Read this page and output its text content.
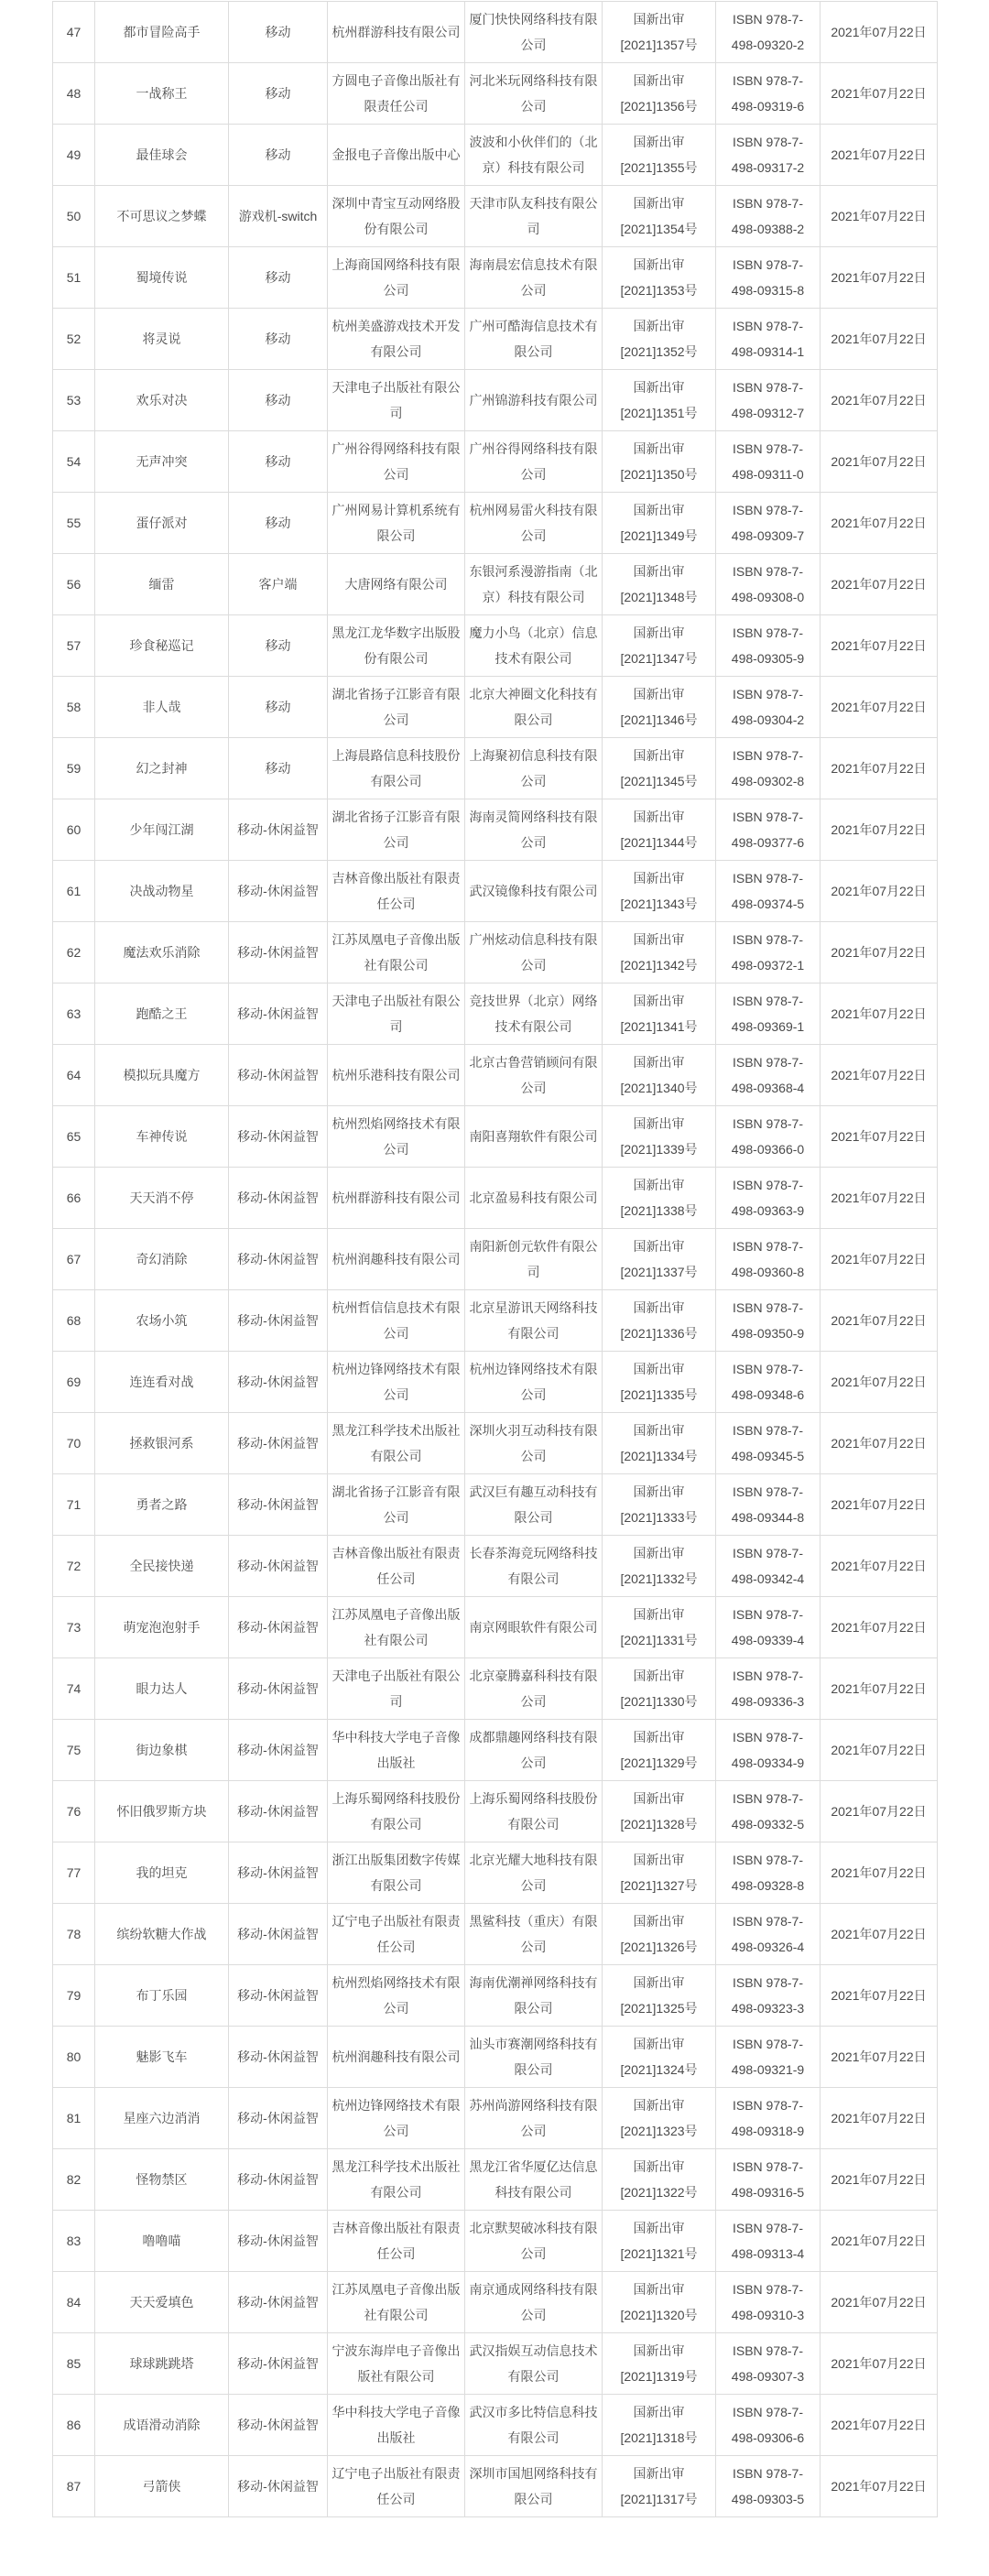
47	都市冒险高手	移动	杭州群游科技有限公司	厦门快快网络科技有限公司	国新出审[2021]1357号	ISBN 978-7-498-09320-2	2021年07月22日
48	一战称王	移动	方圆电子音像出版社有限责任公司	河北米玩网络科技有限公司	国新出审[2021]1356号	ISBN 978-7-498-09319-6	2021年07月22日
49	最佳球会	移动	金报电子音像出版中心	波波和小伙伴们的（北京）科技有限公司	国新出审[2021]1355号	ISBN 978-7-498-09317-2	2021年07月22日
50	不可思议之梦蝶	游戏机-switch	深圳中青宝互动网络股份有限公司	天津市队友科技有限公司	国新出审[2021]1354号	ISBN 978-7-498-09388-2	2021年07月22日
51	蜀境传说	移动	上海商国网络科技有限公司	海南晨宏信息技术有限公司	国新出审[2021]1353号	ISBN 978-7-498-09315-8	2021年07月22日
52	将灵说	移动	杭州美盛游戏技术开发有限公司	广州可酷海信息技术有限公司	国新出审[2021]1352号	ISBN 978-7-498-09314-1	2021年07月22日
53	欢乐对决	移动	天津电子出版社有限公司	广州锦游科技有限公司	国新出审[2021]1351号	ISBN 978-7-498-09312-7	2021年07月22日
54	无声冲突	移动	广州谷得网络科技有限公司	广州谷得网络科技有限公司	国新出审[2021]1350号	ISBN 978-7-498-09311-0	2021年07月22日
55	蛋仔派对	移动	广州网易计算机系统有限公司	杭州网易雷火科技有限公司	国新出审[2021]1349号	ISBN 978-7-498-09309-7	2021年07月22日
56	缅雷	客户端	大唐网络有限公司	东银河系漫游指南（北京）科技有限公司	国新出审[2021]1348号	ISBN 978-7-498-09308-0	2021年07月22日
57	珍食秘巡记	移动	黑龙江龙华数字出版股份有限公司	魔力小鸟（北京）信息技术有限公司	国新出审[2021]1347号	ISBN 978-7-498-09305-9	2021年07月22日
58	非人哉	移动	湖北省扬子江影音有限公司	北京大神圈文化科技有限公司	国新出审[2021]1346号	ISBN 978-7-498-09304-2	2021年07月22日
59	幻之封神	移动	上海晨路信息科技股份有限公司	上海聚初信息科技有限公司	国新出审[2021]1345号	ISBN 978-7-498-09302-8	2021年07月22日
60	少年闯江湖	移动-休闲益智	湖北省扬子江影音有限公司	海南灵简网络科技有限公司	国新出审[2021]1344号	ISBN 978-7-498-09377-6	2021年07月22日
61	决战动物星	移动-休闲益智	吉林音像出版社有限责任公司	武汉镜像科技有限公司	国新出审[2021]1343号	ISBN 978-7-498-09374-5	2021年07月22日
62	魔法欢乐消除	移动-休闲益智	江苏凤凰电子音像出版社有限公司	广州炫动信息科技有限公司	国新出审[2021]1342号	ISBN 978-7-498-09372-1	2021年07月22日
63	跑酷之王	移动-休闲益智	天津电子出版社有限公司	竞技世界（北京）网络技术有限公司	国新出审[2021]1341号	ISBN 978-7-498-09369-1	2021年07月22日
64	模拟玩具魔方	移动-休闲益智	杭州乐港科技有限公司	北京古鲁营销顾问有限公司	国新出审[2021]1340号	ISBN 978-7-498-09368-4	2021年07月22日
65	车神传说	移动-休闲益智	杭州烈焰网络技术有限公司	南阳喜翔软件有限公司	国新出审[2021]1339号	ISBN 978-7-498-09366-0	2021年07月22日
66	天天消不停	移动-休闲益智	杭州群游科技有限公司	北京盈易科技有限公司	国新出审[2021]1338号	ISBN 978-7-498-09363-9	2021年07月22日
67	奇幻消除	移动-休闲益智	杭州润趣科技有限公司	南阳新创元软件有限公司	国新出审[2021]1337号	ISBN 978-7-498-09360-8	2021年07月22日
68	农场小筑	移动-休闲益智	杭州哲信信息技术有限公司	北京星游讯天网络科技有限公司	国新出审[2021]1336号	ISBN 978-7-498-09350-9	2021年07月22日
69	连连看对战	移动-休闲益智	杭州边锋网络技术有限公司	杭州边锋网络技术有限公司	国新出审[2021]1335号	ISBN 978-7-498-09348-6	2021年07月22日
70	拯救银河系	移动-休闲益智	黑龙江科学技术出版社有限公司	深圳火羽互动科技有限公司	国新出审[2021]1334号	ISBN 978-7-498-09345-5	2021年07月22日
71	勇者之路	移动-休闲益智	湖北省扬子江影音有限公司	武汉巨有趣互动科技有限公司	国新出审[2021]1333号	ISBN 978-7-498-09344-8	2021年07月22日
72	全民接快递	移动-休闲益智	吉林音像出版社有限责任公司	长春茶海竞玩网络科技有限公司	国新出审[2021]1332号	ISBN 978-7-498-09342-4	2021年07月22日
73	萌宠泡泡射手	移动-休闲益智	江苏凤凰电子音像出版社有限公司	南京网眼软件有限公司	国新出审[2021]1331号	ISBN 978-7-498-09339-4	2021年07月22日
74	眼力达人	移动-休闲益智	天津电子出版社有限公司	北京豪腾嘉科科技有限公司	国新出审[2021]1330号	ISBN 978-7-498-09336-3	2021年07月22日
75	街边象棋	移动-休闲益智	华中科技大学电子音像出版社	成都鼎趣网络科技有限公司	国新出审[2021]1329号	ISBN 978-7-498-09334-9	2021年07月22日
76	怀旧俄罗斯方块	移动-休闲益智	上海乐蜀网络科技股份有限公司	上海乐蜀网络科技股份有限公司	国新出审[2021]1328号	ISBN 978-7-498-09332-5	2021年07月22日
77	我的坦克	移动-休闲益智	浙江出版集团数字传媒有限公司	北京光耀大地科技有限公司	国新出审[2021]1327号	ISBN 978-7-498-09328-8	2021年07月22日
78	缤纷软糖大作战	移动-休闲益智	辽宁电子出版社有限责任公司	黑鲨科技（重庆）有限公司	国新出审[2021]1326号	ISBN 978-7-498-09326-4	2021年07月22日
79	布丁乐园	移动-休闲益智	杭州烈焰网络技术有限公司	海南优潮禅网络科技有限公司	国新出审[2021]1325号	ISBN 978-7-498-09323-3	2021年07月22日
80	魅影飞车	移动-休闲益智	杭州润趣科技有限公司	汕头市赛潮网络科技有限公司	国新出审[2021]1324号	ISBN 978-7-498-09321-9	2021年07月22日
81	星座六边消消	移动-休闲益智	杭州边锋网络技术有限公司	苏州尚游网络科技有限公司	国新出审[2021]1323号	ISBN 978-7-498-09318-9	2021年07月22日
82	怪物禁区	移动-休闲益智	黑龙江科学技术出版社有限公司	黑龙江省华厦亿达信息科技有限公司	国新出审[2021]1322号	ISBN 978-7-498-09316-5	2021年07月22日
83	噜噜喵	移动-休闲益智	吉林音像出版社有限责任公司	北京默契破冰科技有限公司	国新出审[2021]1321号	ISBN 978-7-498-09313-4	2021年07月22日
84	天天爱填色	移动-休闲益智	江苏凤凰电子音像出版社有限公司	南京通成网络科技有限公司	国新出审[2021]1320号	ISBN 978-7-498-09310-3	2021年07月22日
85	球球跳跳塔	移动-休闲益智	宁波东海岸电子音像出版社有限公司	武汉指娱互动信息技术有限公司	国新出审[2021]1319号	ISBN 978-7-498-09307-3	2021年07月22日
86	成语滑动消除	移动-休闲益智	华中科技大学电子音像出版社	武汉市多比特信息科技有限公司	国新出审[2021]1318号	ISBN 978-7-498-09306-6	2021年07月22日
87	弓箭侠	移动-休闲益智	辽宁电子出版社有限责任公司	深圳市国旭网络科技有限公司	国新出审[2021]1317号	ISBN 978-7-498-09303-5	2021年07月22日
